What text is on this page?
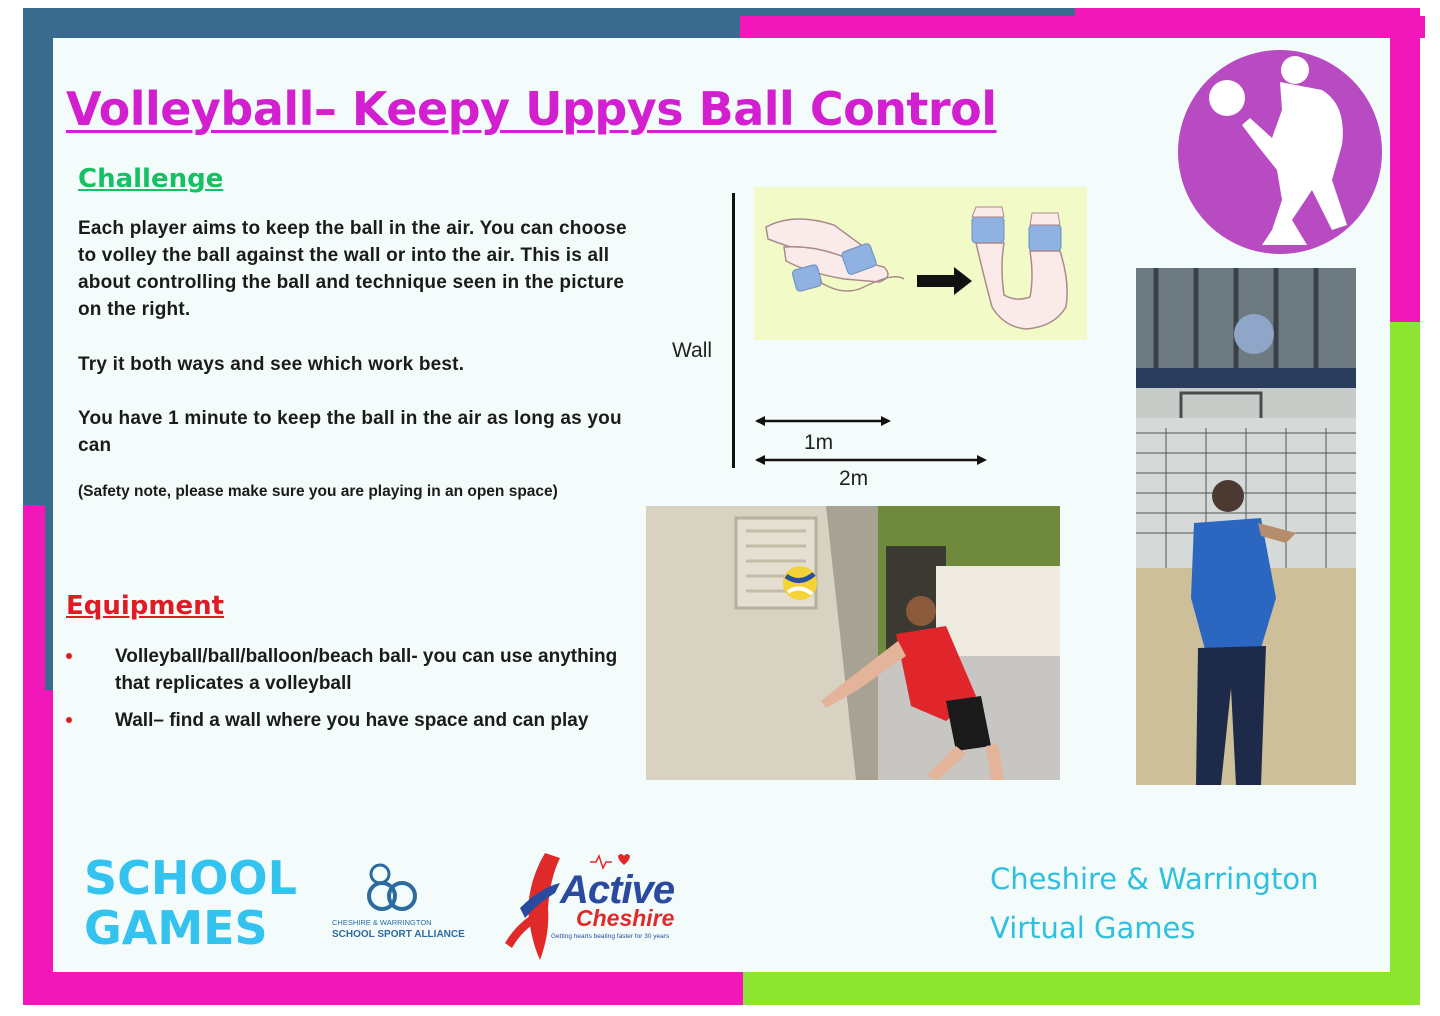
Volleyball– Keepy Uppys Ball Control
Challenge

Each player aims to keep the ball in the air. You can choose to volley the ball against the wall or into the air. This is all about controlling the ball and technique seen in the picture on the right.

Try it both ways and see which work best.

You have 1 minute to keep the ball in the air as long as you can

(Safety note, please make sure you are playing in an open space)

Equipment
Volleyball/ball/balloon/beach ball- you can use anything that replicates a volleyball
Wall– find a wall where you have space and can play
Wall
1m
2m
SCHOOL
GAMES	CHESHIRE & WARRINGTON
SCHOOL SPORT ALLIANCE
Active
Cheshire
Getting hearts beating faster for 30 years
Cheshire & Warrington
Virtual Games
